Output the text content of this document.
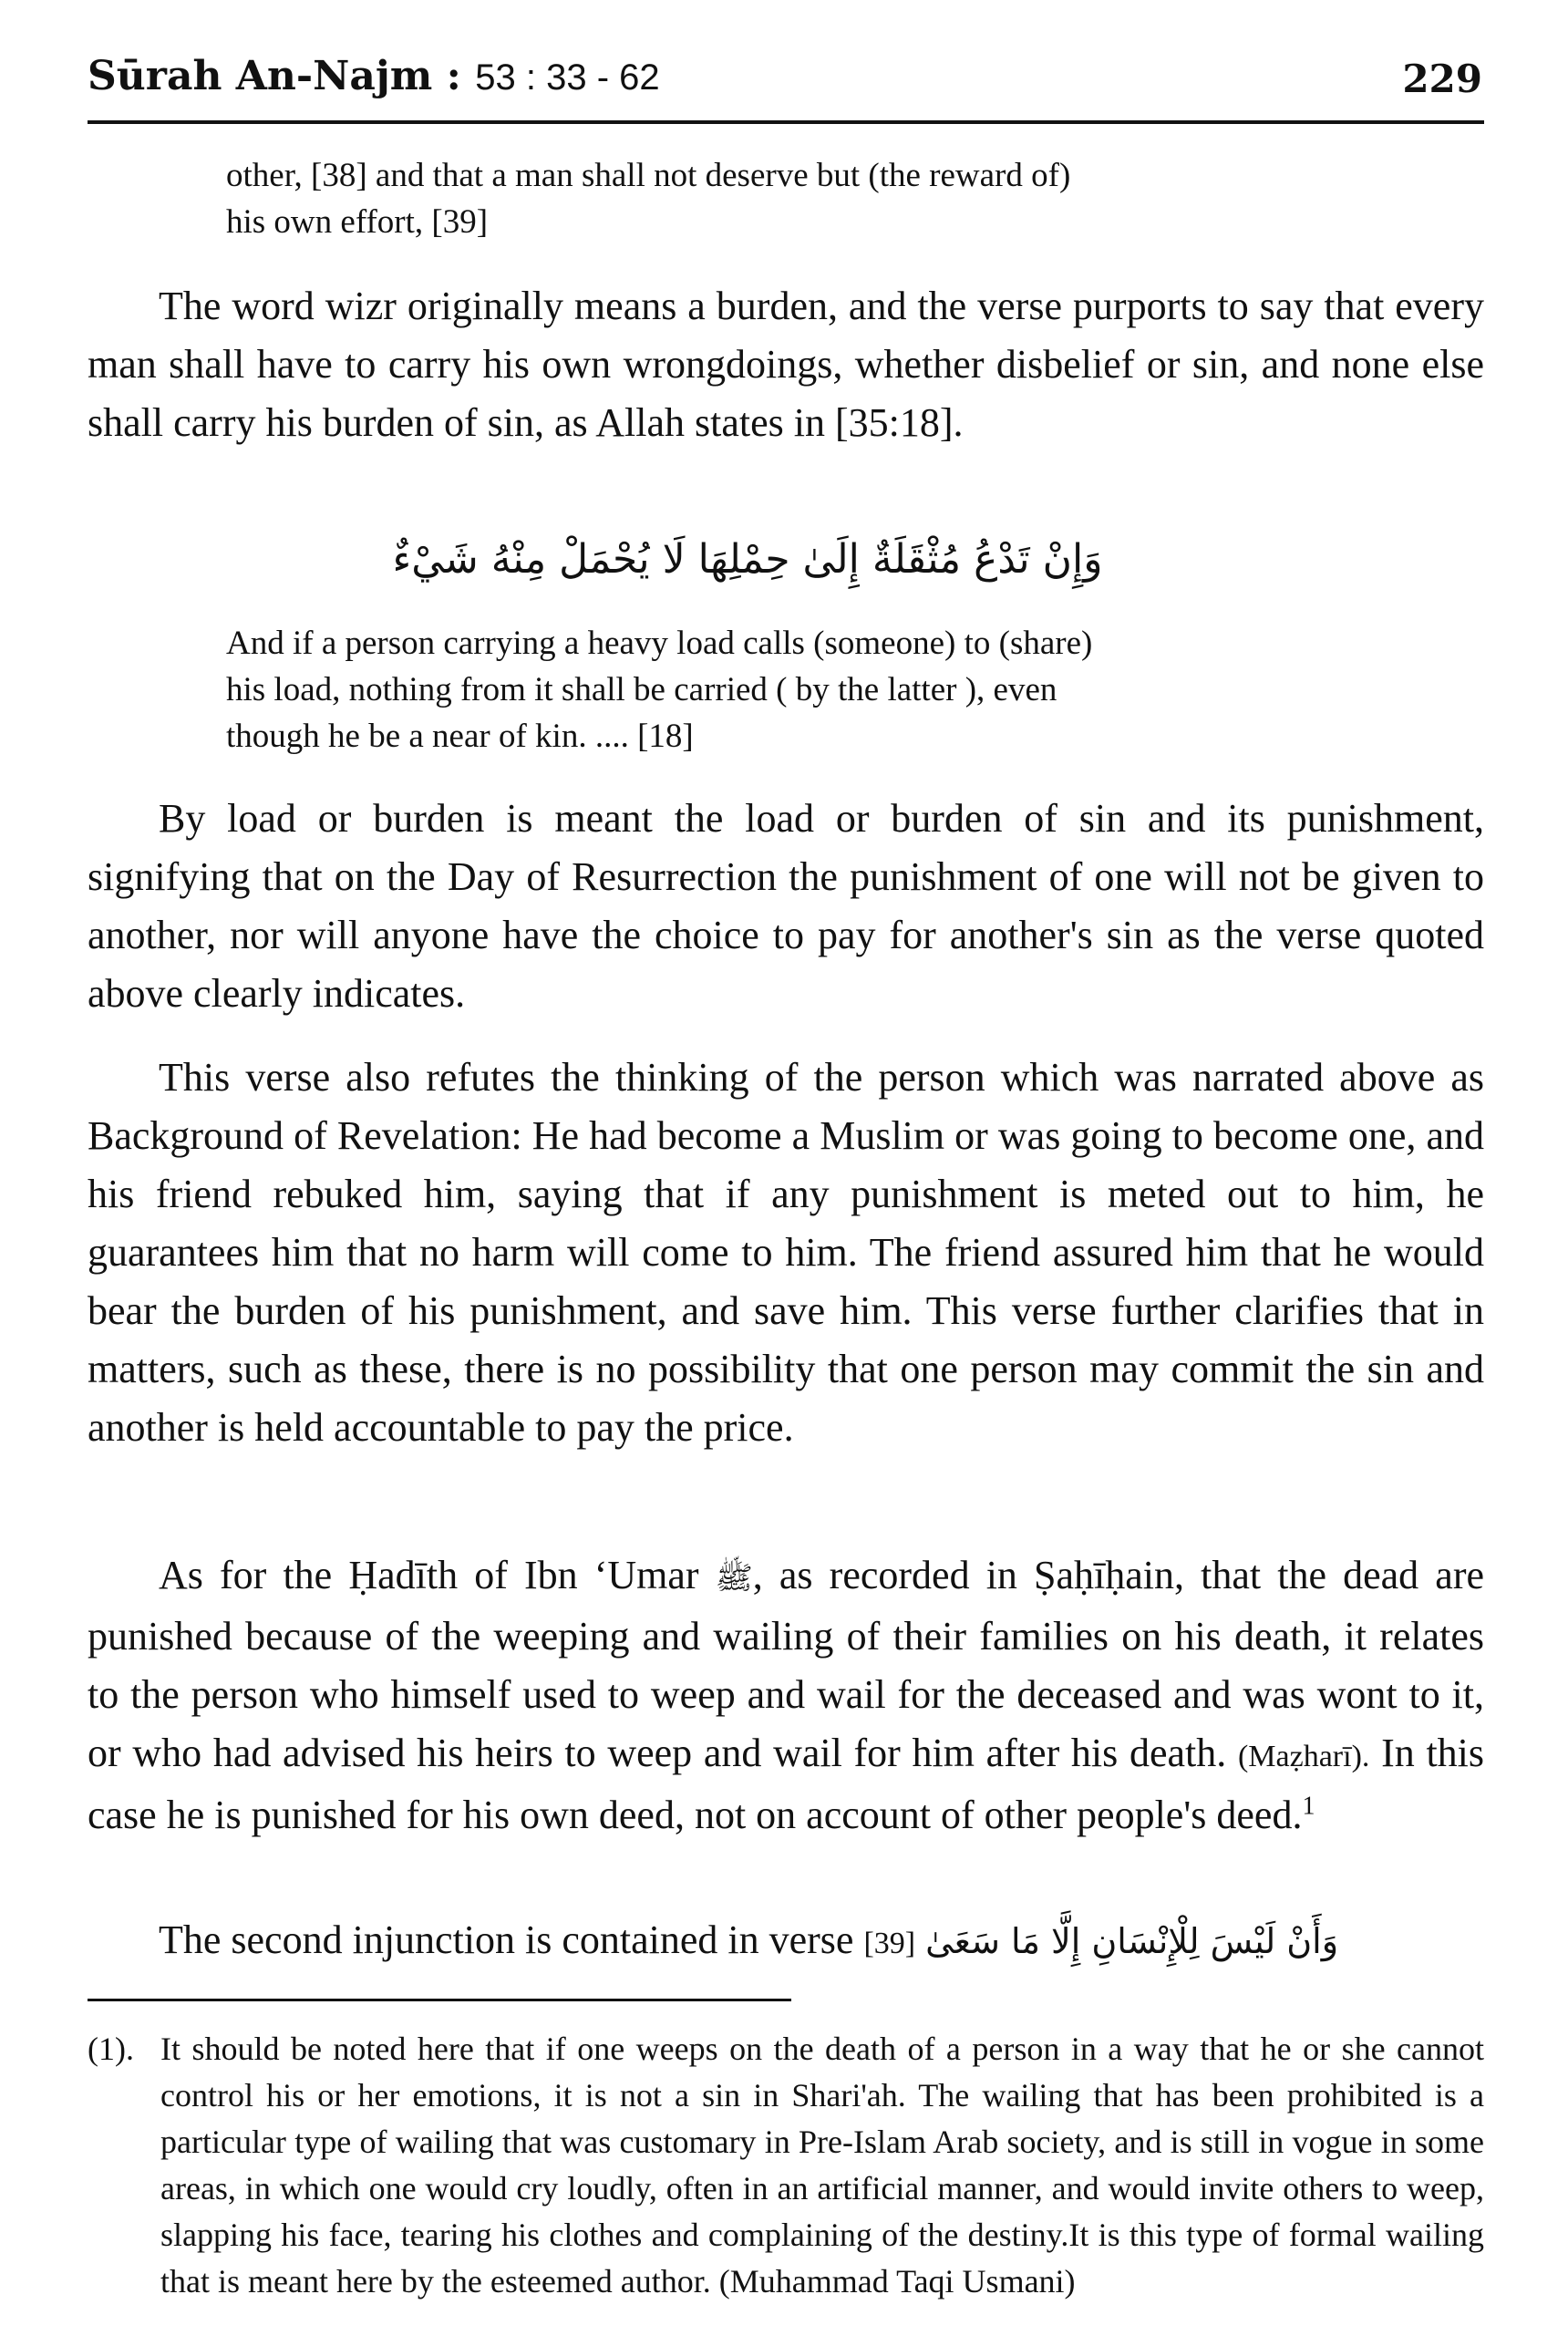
Sūrah An-Najm : 53 : 33 - 62	229
other, [38] and that a man shall not deserve but (the reward of)
his own effort, [39]

The word wizr originally means a burden, and the verse purports to say that every man shall have to carry his own wrongdoings, whether disbelief or sin, and none else shall carry his burden of sin, as Allah states in [35:18].

وَإِنْ تَدْعُ مُثْقَلَةٌ إِلَىٰ حِمْلِهَا لَا يُحْمَلْ مِنْهُ شَيْءٌ
And if a person carrying a heavy load calls (someone) to (share)
his load, nothing from it shall be carried ( by the latter ), even
though he be a near of kin. .... [18]

By load or burden is meant the load or burden of sin and its punishment, signifying that on the Day of Resurrection the punishment of one will not be given to another, nor will anyone have the choice to pay for another's sin as the verse quoted above clearly indicates.

This verse also refutes the thinking of the person which was narrated above as Background of Revelation: He had become a Muslim or was going to become one, and his friend rebuked him, saying that if any punishment is meted out to him, he guarantees him that no harm will come to him. The friend assured him that he would bear the burden of his punishment, and save him. This verse further clarifies that in matters, such as these, there is no possibility that one person may commit the sin and another is held accountable to pay the price.

As for the Ḥadīth of Ibn ‘Umar ﷺ, as recorded in Ṣaḥīḥain, that the dead are punished because of the weeping and wailing of their families on his death, it relates to the person who himself used to weep and wail for the deceased and was wont to it, or who had advised his heirs to weep and wail for him after his death. (Maẓharī). In this case he is punished for his own deed, not on account of other people's deed.$^1$

The second injunction is contained in verse [39] وَأَنْ لَيْسَ لِلْإِنْسَانِ إِلَّا مَا سَعَىٰ

(1). It should be noted here that if one weeps on the death of a person in a way that he or she cannot control his or her emotions, it is not a sin in Shari'ah. The wailing that has been prohibited is a particular type of wailing that was customary in Pre-Islam Arab society, and is still in vogue in some areas, in which one would cry loudly, often in an artificial manner, and would invite others to weep, slapping his face, tearing his clothes and complaining of the destiny.It is this type of formal wailing that is meant here by the esteemed author. (Muhammad Taqi Usmani)
